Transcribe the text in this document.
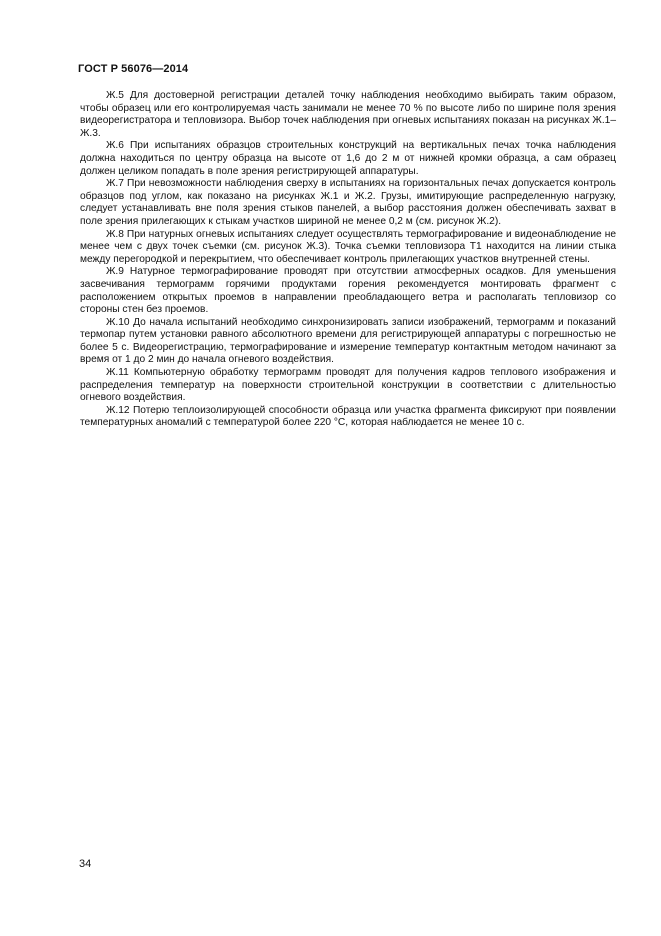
ГОСТ Р 56076—2014

Ж.5 Для достоверной регистрации деталей точку наблюдения необходимо выбирать таким образом, чтобы образец или его контролируемая часть занимали не менее 70 % по высоте либо по ширине поля зрения видеорегистратора и тепловизора. Выбор точек наблюдения при огневых испытаниях показан на рисунках Ж.1–Ж.3.

Ж.6 При испытаниях образцов строительных конструкций на вертикальных печах точка наблюдения должна находиться по центру образца на высоте от 1,6 до 2 м от нижней кромки образца, а сам образец должен целиком попадать в поле зрения регистрирующей аппаратуры.

Ж.7 При невозможности наблюдения сверху в испытаниях на горизонтальных печах допускается контроль образцов под углом, как показано на рисунках Ж.1 и Ж.2. Грузы, имитирующие распределенную нагрузку, следует устанавливать вне поля зрения стыков панелей, а выбор расстояния должен обеспечивать захват в поле зрения прилегающих к стыкам участков шириной не менее 0,2 м (см. рисунок Ж.2).

Ж.8 При натурных огневых испытаниях следует осуществлять термографирование и видеонаблюдение не менее чем с двух точек съемки (см. рисунок Ж.3). Точка съемки тепловизора Т1 находится на линии стыка между перегородкой и перекрытием, что обеспечивает контроль прилегающих участков внутренней стены.

Ж.9 Натурное термографирование проводят при отсутствии атмосферных осадков. Для уменьшения засвечивания термограмм горячими продуктами горения рекомендуется монтировать фрагмент с расположением открытых проемов в направлении преобладающего ветра и располагать тепловизор со стороны стен без проемов.

Ж.10 До начала испытаний необходимо синхронизировать записи изображений, термограмм и показаний термопар путем установки равного абсолютного времени для регистрирующей аппаратуры с погрешностью не более 5 с. Видеорегистрацию, термографирование и измерение температур контактным методом начинают за время от 1 до 2 мин до начала огневого воздействия.

Ж.11 Компьютерную обработку термограмм проводят для получения кадров теплового изображения и распределения температур на поверхности строительной конструкции в соответствии с длительностью огневого воздействия.

Ж.12 Потерю теплоизолирующей способности образца или участка фрагмента фиксируют при появлении температурных аномалий с температурой более 220 °С, которая наблюдается не менее 10 с.

34
